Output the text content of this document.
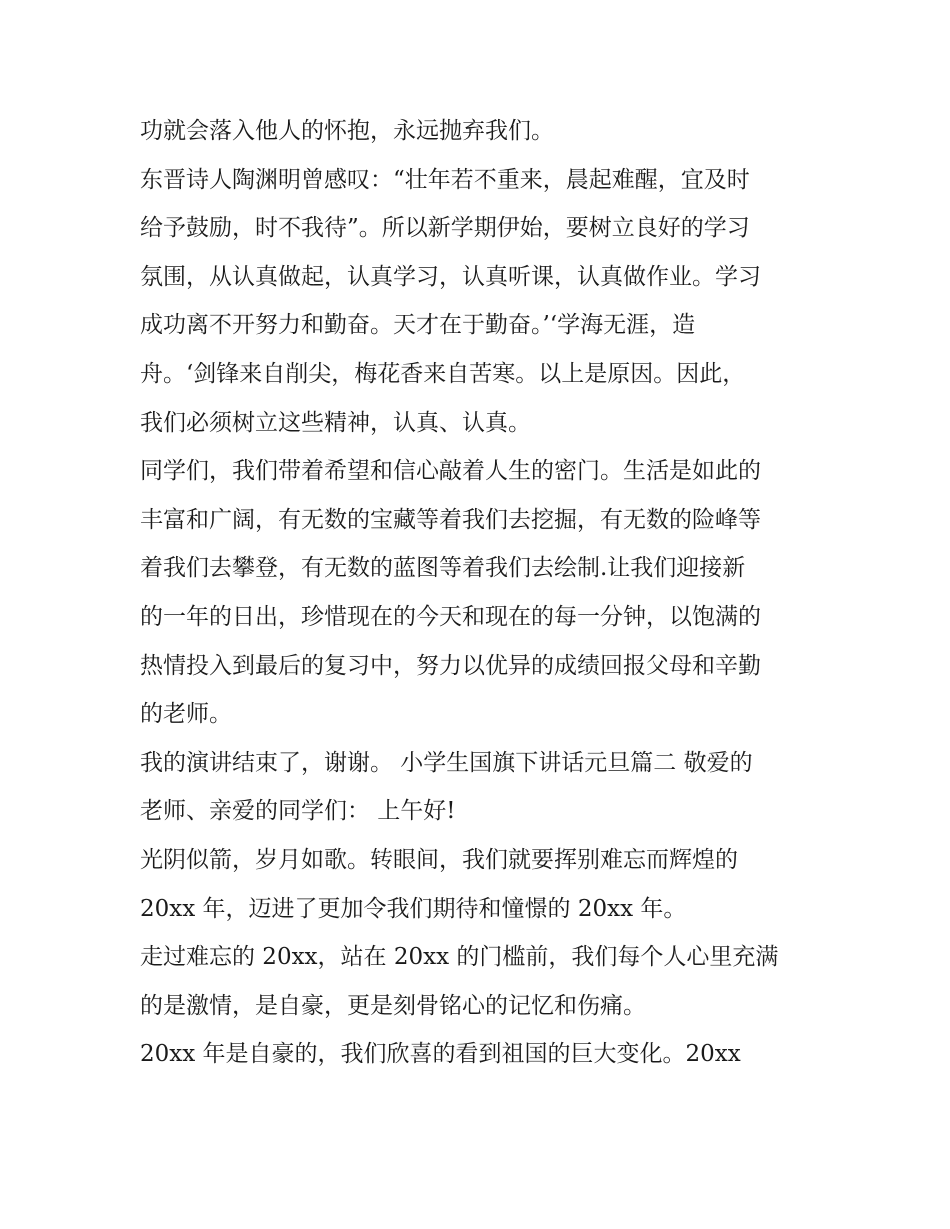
功就会落入他人的怀抱，永远抛弃我们。
东晋诗人陶渊明曾感叹：“壮年若不重来，晨起难醒，宜及时
给予鼓励，时不我待”。所以新学期伊始，要树立良好的学习
氛围，从认真做起，认真学习，认真听课，认真做作业。学习
成功离不开努力和勤奋。天才在于勤奋。’‘学海无涯，造
舟。‘剑锋来自削尖，梅花香来自苦寒。以上是原因。因此，
我们必须树立这些精神，认真、认真。
同学们，我们带着希望和信心敲着人生的密门。生活是如此的
丰富和广阔，有无数的宝藏等着我们去挖掘，有无数的险峰等
着我们去攀登，有无数的蓝图等着我们去绘制.让我们迎接新
的一年的日出，珍惜现在的今天和现在的每一分钟，以饱满的
热情投入到最后的复习中，努力以优异的成绩回报父母和辛勤
的老师。
我的演讲结束了，谢谢。 小学生国旗下讲话元旦篇二 敬爱的
老师、亲爱的同学们： 上午好!
光阴似箭，岁月如歌。转眼间，我们就要挥别难忘而辉煌的
20xx 年，迈进了更加令我们期待和憧憬的 20xx 年。
走过难忘的 20xx，站在 20xx 的门槛前，我们每个人心里充满
的是激情，是自豪，更是刻骨铭心的记忆和伤痛。
20xx 年是自豪的，我们欣喜的看到祖国的巨大变化。20xx
